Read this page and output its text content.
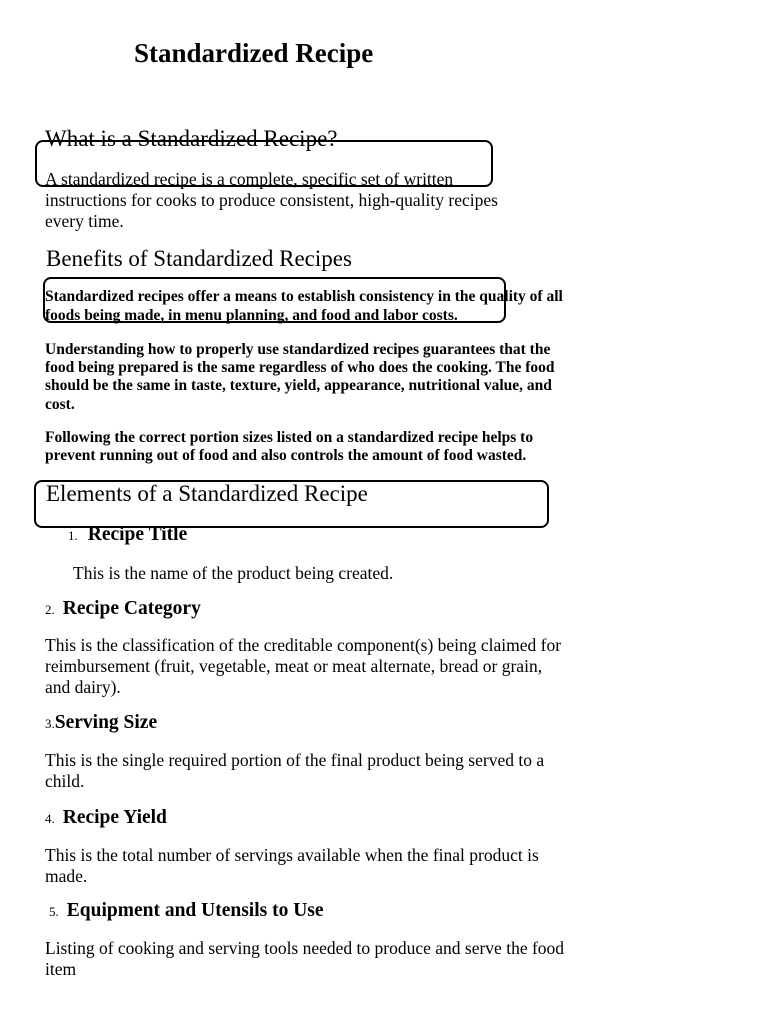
Standardized Recipe
What is a Standardized Recipe?

A standardized recipe is a complete, specific set of written

instructions for cooks to produce consistent, high-quality recipes

every time.

Benefits of Standardized Recipes

Standardized recipes offer a means to establish consistency in the quality of all

foods being made, in menu planning, and food and labor costs.

Understanding how to properly use standardized recipes guarantees that the

food being prepared is the same regardless of who does the cooking. The food

should be the same in taste, texture, yield, appearance, nutritional value, and

cost.

Following the correct portion sizes listed on a standardized recipe helps to

prevent running out of food and also controls the amount of food wasted.

Elements of a Standardized Recipe
1. Recipe Title

This is the name of the product being created.

2. Recipe Category

This is the classification of the creditable component(s) being claimed for

reimbursement (fruit, vegetable, meat or meat alternate, bread or grain,

and dairy).

3.Serving Size

This is the single required portion of the final product being served to a

child.

4. Recipe Yield

This is the total number of servings available when the final product is

made.

5. Equipment and Utensils to Use

Listing of cooking and serving tools needed to produce and serve the food

item
